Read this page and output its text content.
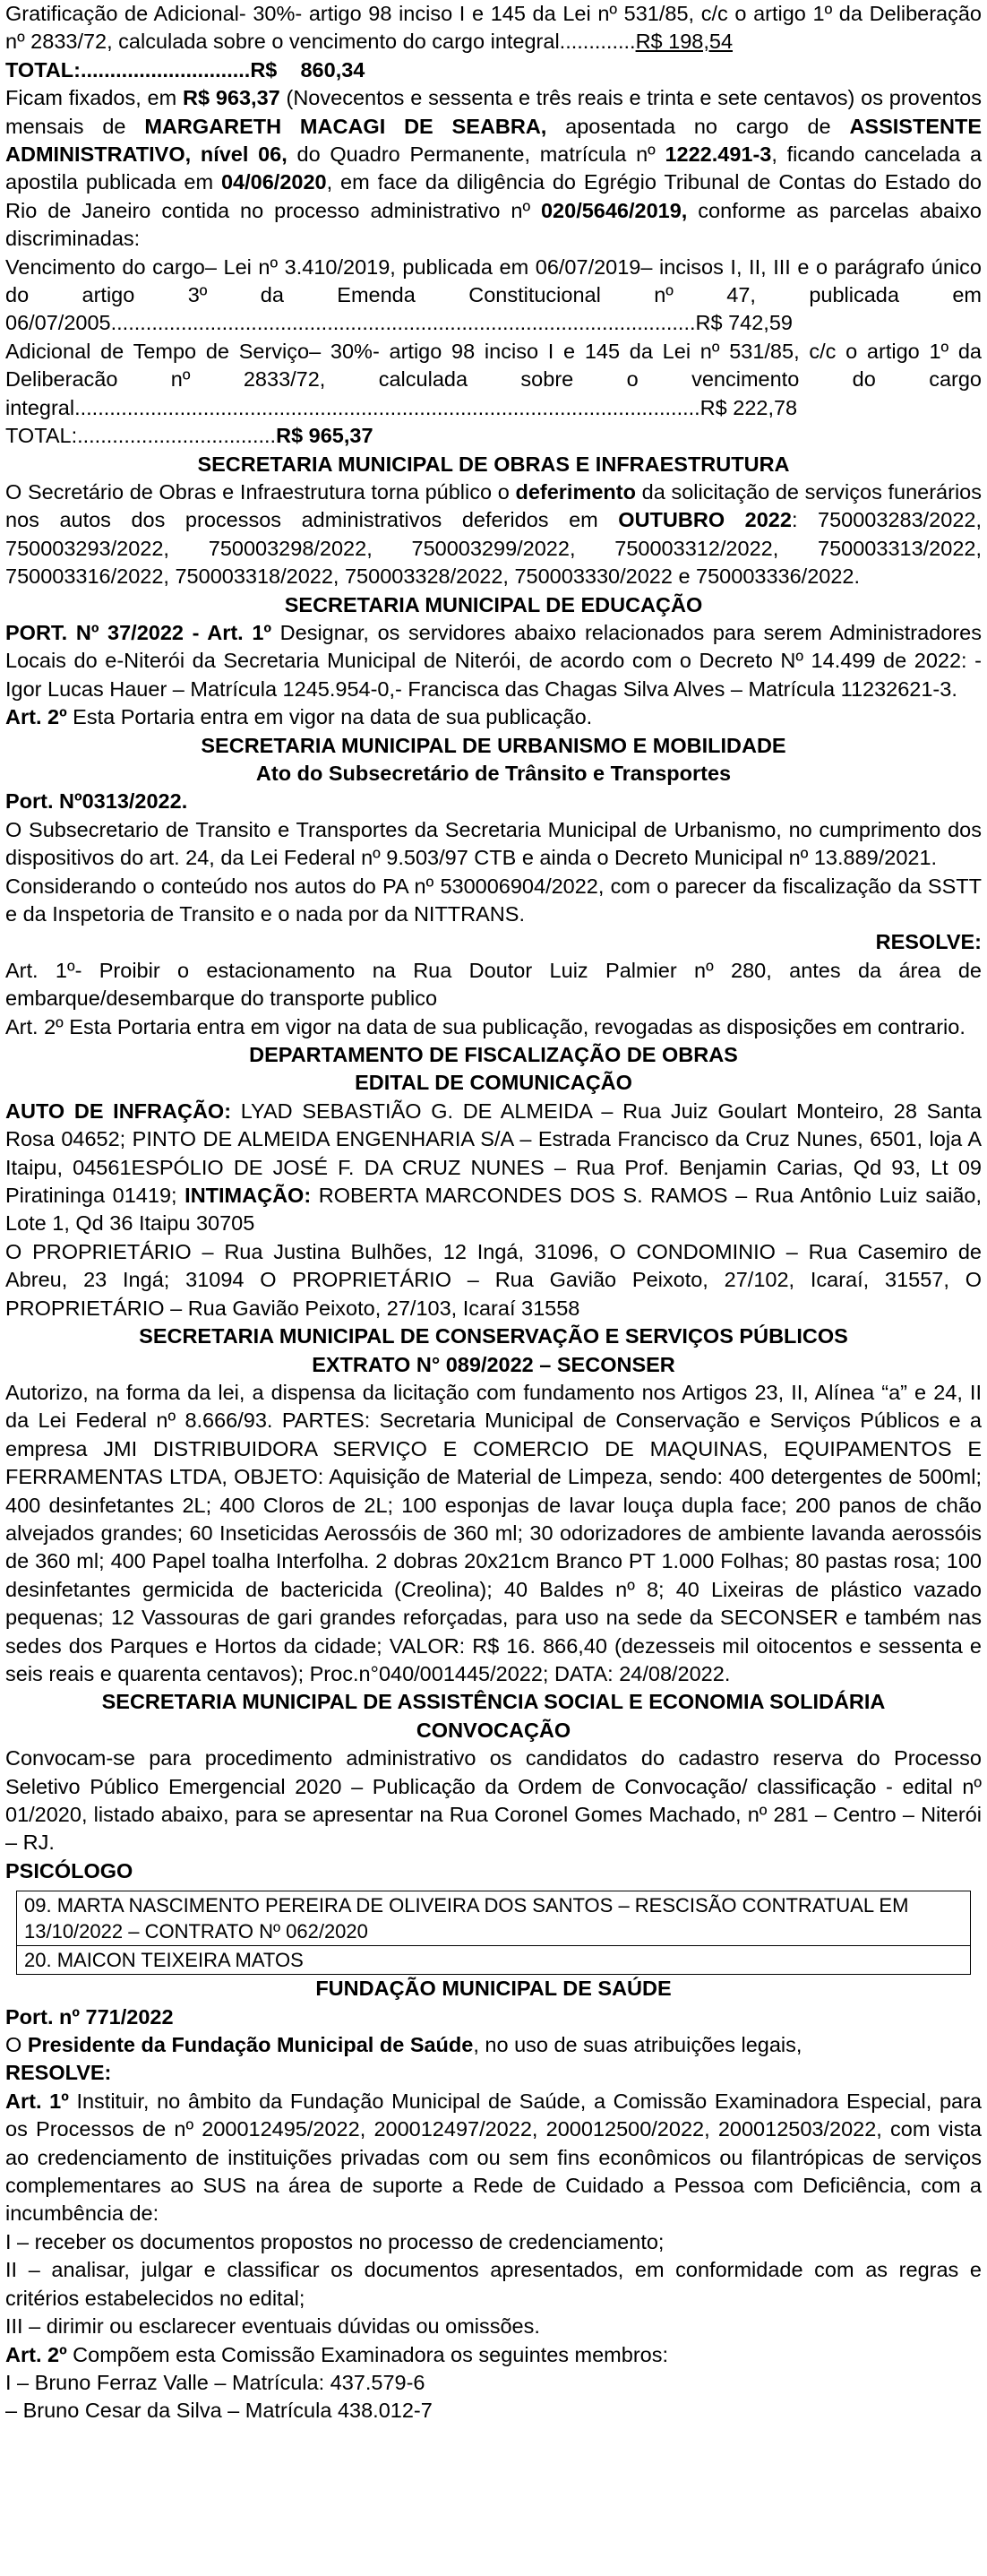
Gratificação de Adicional- 30%- artigo 98 inciso I e 145 da Lei nº 531/85, c/c o artigo 1º da Deliberação nº 2833/72, calculada sobre o vencimento do cargo integral.............R$ 198,54

TOTAL:.............................R$ 860,34

Ficam fixados, em R$ 963,37 (Novecentos e sessenta e três reais e trinta e sete centavos) os proventos mensais de MARGARETH MACAGI DE SEABRA, aposentada no cargo de ASSISTENTE ADMINISTRATIVO, nível 06, do Quadro Permanente, matrícula nº 1222.491-3, ficando cancelada a apostila publicada em 04/06/2020, em face da diligência do Egrégio Tribunal de Contas do Estado do Rio de Janeiro contida no processo administrativo nº 020/5646/2019, conforme as parcelas abaixo discriminadas:

Vencimento do cargo– Lei nº 3.410/2019, publicada em 06/07/2019– incisos I, II, III e o parágrafo único do artigo 3º da Emenda Constitucional nº 47, publicada em 06/07/2005....................................................................................................R$ 742,59

Adicional de Tempo de Serviço– 30%- artigo 98 inciso I e 145 da Lei nº 531/85, c/c o artigo 1º da Deliberacão nº 2833/72, calculada sobre o vencimento do cargo integral...........................................................................................................R$ 222,78

TOTAL:..................................R$ 965,37

SECRETARIA MUNICIPAL DE OBRAS E INFRAESTRUTURA

O Secretário de Obras e Infraestrutura torna público o deferimento da solicitação de serviços funerários nos autos dos processos administrativos deferidos em OUTUBRO 2022: 750003283/2022, 750003293/2022, 750003298/2022, 750003299/2022, 750003312/2022, 750003313/2022, 750003316/2022, 750003318/2022, 750003328/2022, 750003330/2022 e 750003336/2022.

SECRETARIA MUNICIPAL DE EDUCAÇÃO

PORT. Nº 37/2022 - Art. 1º Designar, os servidores abaixo relacionados para serem Administradores Locais do e-Niterói da Secretaria Municipal de Niterói, de acordo com o Decreto Nº 14.499 de 2022: - Igor Lucas Hauer – Matrícula 1245.954-0,- Francisca das Chagas Silva Alves – Matrícula 11232621-3.

Art. 2º Esta Portaria entra em vigor na data de sua publicação.

SECRETARIA MUNICIPAL DE URBANISMO E MOBILIDADE

Ato do Subsecretário de Trânsito e Transportes

Port. Nº0313/2022.

O Subsecretario de Transito e Transportes da Secretaria Municipal de Urbanismo, no cumprimento dos dispositivos do art. 24, da Lei Federal nº 9.503/97 CTB e ainda o Decreto Municipal nº 13.889/2021.

Considerando o conteúdo nos autos do PA nº 530006904/2022, com o parecer da fiscalização da SSTT e da Inspetoria de Transito e o nada por da NITTRANS.

RESOLVE:

Art. 1º- Proibir o estacionamento na Rua Doutor Luiz Palmier nº 280, antes da área de embarque/desembarque do transporte publico

Art. 2º Esta Portaria entra em vigor na data de sua publicação, revogadas as disposições em contrario.

DEPARTAMENTO DE FISCALIZAÇÃO DE OBRAS

EDITAL DE COMUNICAÇÃO

AUTO DE INFRAÇÃO: LYAD SEBASTIÃO G. DE ALMEIDA – Rua Juiz Goulart Monteiro, 28 Santa Rosa 04652; PINTO DE ALMEIDA ENGENHARIA S/A – Estrada Francisco da Cruz Nunes, 6501, loja A Itaipu, 04561ESPÓLIO DE JOSÉ F. DA CRUZ NUNES – Rua Prof. Benjamin Carias, Qd 93, Lt 09 Piratininga 01419; INTIMAÇÃO: ROBERTA MARCONDES DOS S. RAMOS – Rua Antônio Luiz saião, Lote 1, Qd 36 Itaipu 30705

O PROPRIETÁRIO – Rua Justina Bulhões, 12 Ingá, 31096, O CONDOMINIO – Rua Casemiro de Abreu, 23 Ingá; 31094 O PROPRIETÁRIO – Rua Gavião Peixoto, 27/102, Icaraí, 31557, O PROPRIETÁRIO – Rua Gavião Peixoto, 27/103, Icaraí 31558

SECRETARIA MUNICIPAL DE CONSERVAÇÃO E SERVIÇOS PÚBLICOS

EXTRATO N° 089/2022 – SECONSER

Autorizo, na forma da lei, a dispensa da licitação com fundamento nos Artigos 23, II, Alínea “a” e 24, II da Lei Federal nº 8.666/93. PARTES: Secretaria Municipal de Conservação e Serviços Públicos e a empresa JMI DISTRIBUIDORA SERVIÇO E COMERCIO DE MAQUINAS, EQUIPAMENTOS E FERRAMENTAS LTDA, OBJETO: Aquisição de Material de Limpeza, sendo: 400 detergentes de 500ml; 400 desinfetantes 2L; 400 Cloros de 2L; 100 esponjas de lavar louça dupla face; 200 panos de chão alvejados grandes; 60 Inseticidas Aerossóis de 360 ml; 30 odorizadores de ambiente lavanda aerossóis de 360 ml; 400 Papel toalha Interfolha. 2 dobras 20x21cm Branco PT 1.000 Folhas; 80 pastas rosa; 100 desinfetantes germicida de bactericida (Creolina); 40 Baldes nº 8; 40 Lixeiras de plástico vazado pequenas; 12 Vassouras de gari grandes reforçadas, para uso na sede da SECONSER e também nas sedes dos Parques e Hortos da cidade; VALOR: R$ 16. 866,40 (dezesseis mil oitocentos e sessenta e seis reais e quarenta centavos); Proc.n°040/001445/2022; DATA: 24/08/2022.

SECRETARIA MUNICIPAL DE ASSISTÊNCIA SOCIAL E ECONOMIA SOLIDÁRIA

CONVOCAÇÃO

Convocam-se para procedimento administrativo os candidatos do cadastro reserva do Processo Seletivo Público Emergencial 2020 – Publicação da Ordem de Convocação/ classificação - edital nº 01/2020, listado abaixo, para se apresentar na Rua Coronel Gomes Machado, nº 281 – Centro – Niterói – RJ.

PSICÓLOGO

09. MARTA NASCIMENTO PEREIRA DE OLIVEIRA DOS SANTOS – RESCISÃO CONTRATUAL EM 13/10/2022 – CONTRATO Nº 062/2020
20. MAICON TEIXEIRA MATOS

FUNDAÇÃO MUNICIPAL DE SAÚDE

Port. nº 771/2022

O Presidente da Fundação Municipal de Saúde, no uso de suas atribuições legais,

RESOLVE:

Art. 1º Instituir, no âmbito da Fundação Municipal de Saúde, a Comissão Examinadora Especial, para os Processos de nº 200012495/2022, 200012497/2022, 200012500/2022, 200012503/2022, com vista ao credenciamento de instituições privadas com ou sem fins econômicos ou filantrópicas de serviços complementares ao SUS na área de suporte a Rede de Cuidado a Pessoa com Deficiência, com a incumbência de:

I – receber os documentos propostos no processo de credenciamento;

II – analisar, julgar e classificar os documentos apresentados, em conformidade com as regras e critérios estabelecidos no edital;

III – dirimir ou esclarecer eventuais dúvidas ou omissões.

Art. 2º Compõem esta Comissão Examinadora os seguintes membros:

I – Bruno Ferraz Valle – Matrícula: 437.579-6

– Bruno Cesar da Silva – Matrícula 438.012-7
